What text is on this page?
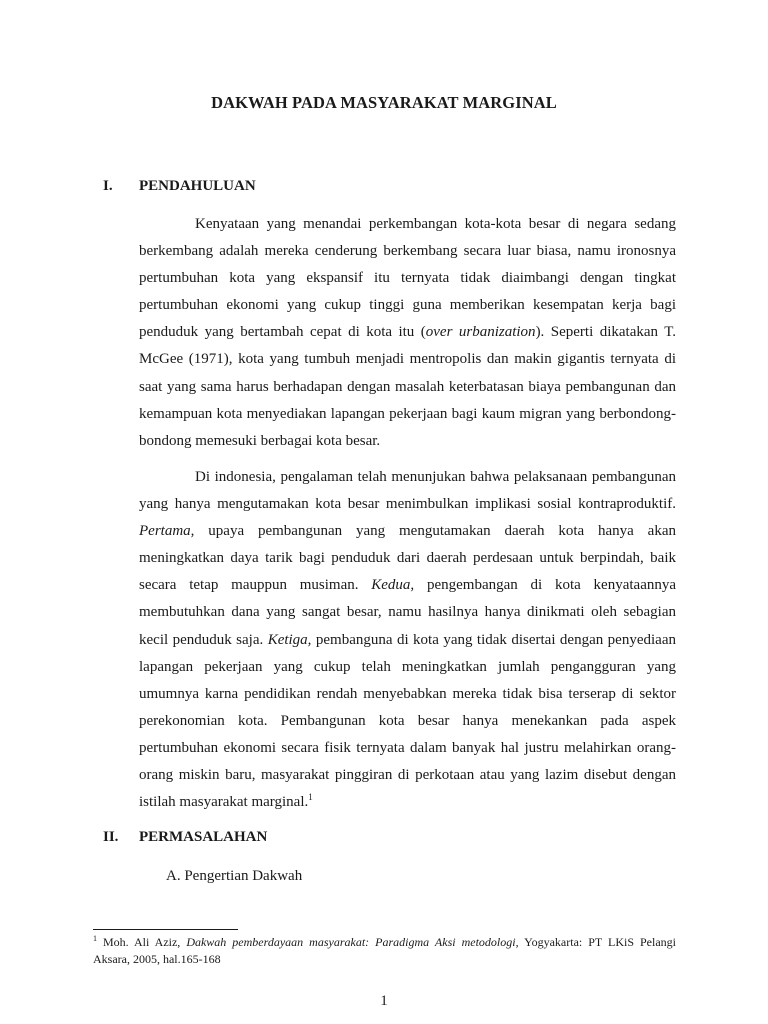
DAKWAH PADA MASYARAKAT MARGINAL
I. PENDAHULUAN

Kenyataan yang menandai perkembangan kota-kota besar di negara sedang berkembang adalah mereka cenderung berkembang secara luar biasa, namu ironosnya pertumbuhan kota yang ekspansif itu ternyata tidak diaimbangi dengan tingkat pertumbuhan ekonomi yang cukup tinggi guna memberikan kesempatan kerja bagi penduduk yang bertambah cepat di kota itu (over urbanization). Seperti dikatakan T. McGee (1971), kota yang tumbuh menjadi mentropolis dan makin gigantis ternyata di saat yang sama harus berhadapan dengan masalah keterbatasan biaya pembangunan dan kemampuan kota menyediakan lapangan pekerjaan bagi kaum migran yang berbondong-bondong memesuki berbagai kota besar.

Di indonesia, pengalaman telah menunjukan bahwa pelaksanaan pembangunan yang hanya mengutamakan kota besar menimbulkan implikasi sosial kontraproduktif. Pertama, upaya pembangunan yang mengutamakan daerah kota hanya akan meningkatkan daya tarik bagi penduduk dari daerah perdesaan untuk berpindah, baik secara tetap mauppun musiman. Kedua, pengembangan di kota kenyataannya membutuhkan dana yang sangat besar, namu hasilnya hanya dinikmati oleh sebagian kecil penduduk saja. Ketiga, pembanguna di kota yang tidak disertai dengan penyediaan lapangan pekerjaan yang cukup telah meningkatkan jumlah pengangguran yang umumnya karna pendidikan rendah menyebabkan mereka tidak bisa terserap di sektor perekonomian kota. Pembangunan kota besar hanya menekankan pada aspek pertumbuhan ekonomi secara fisik ternyata dalam banyak hal justru melahirkan orang-orang miskin baru, masyarakat pinggiran di perkotaan atau yang lazim disebut dengan istilah masyarakat marginal.$^1$

II. PERMASALAHAN
A. Pengertian Dakwah

$^1$ Moh. Ali Aziz, Dakwah pemberdayaan masyarakat: Paradigma Aksi metodologi, Yogyakarta: PT LKiS Pelangi Aksara, 2005, hal.165-168

1
